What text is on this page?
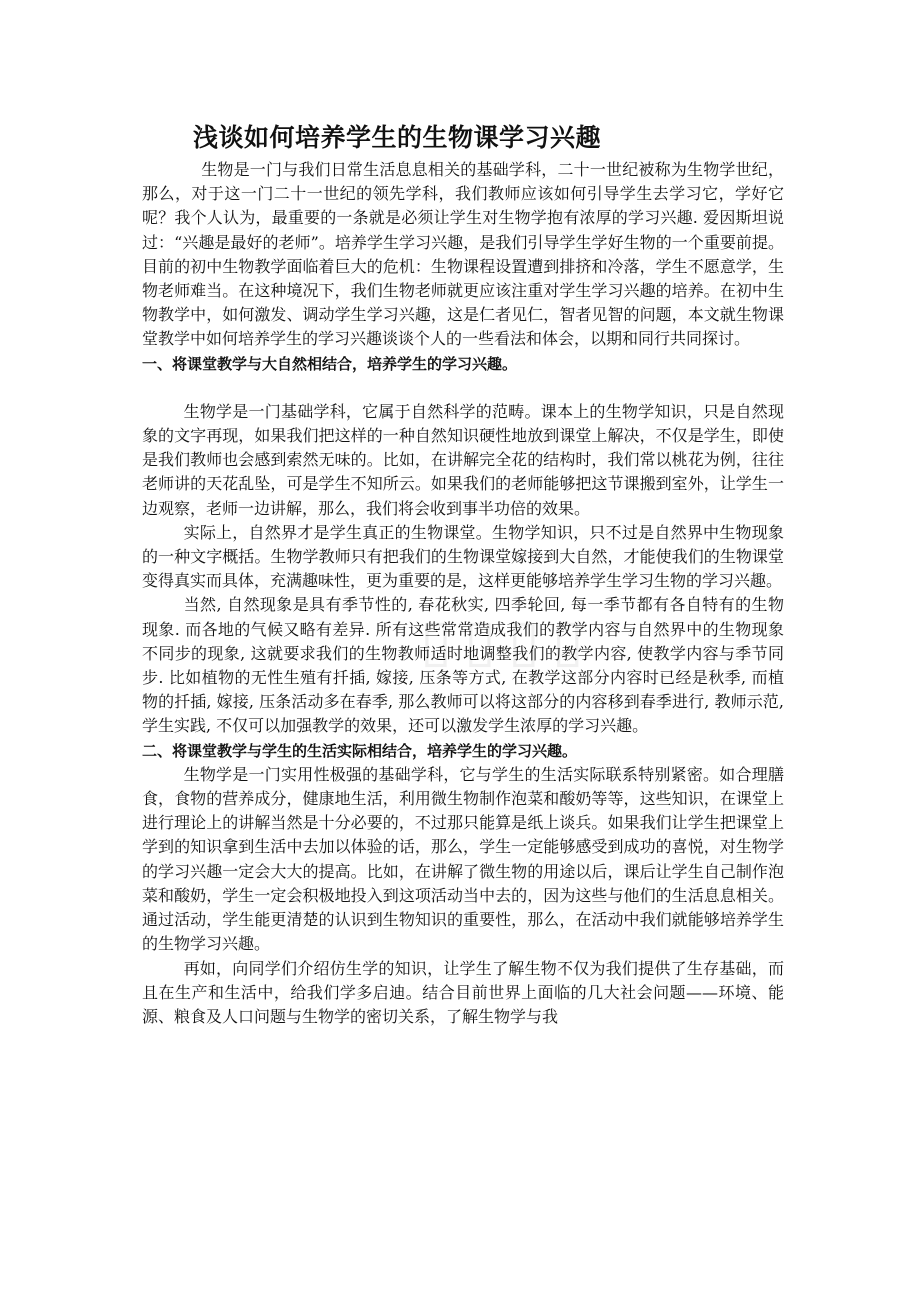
▯▯▯▯
浅谈如何培养学生的生物课学习兴趣

生物是一门与我们日常生活息息相关的基础学科，二十一世纪被称为生物学世纪，那么，对于这一门二十一世纪的领先学科，我们教师应该如何引导学生去学习它，学好它呢？我个人认为，最重要的一条就是必须让学生对生物学抱有浓厚的学习兴趣. 爱因斯坦说过：“兴趣是最好的老师”。培养学生学习兴趣，是我们引导学生学好生物的一个重要前提。目前的初中生物教学面临着巨大的危机：生物课程设置遭到排挤和冷落，学生不愿意学，生物老师难当。在这种境况下，我们生物老师就更应该注重对学生学习兴趣的培养。在初中生物教学中，如何激发、调动学生学习兴趣，这是仁者见仁，智者见智的问题，本文就生物课堂教学中如何培养学生的学习兴趣谈谈个人的一些看法和体会，以期和同行共同探讨。

一、将课堂教学与大自然相结合，培养学生的学习兴趣。

生物学是一门基础学科，它属于自然科学的范畴。课本上的生物学知识，只是自然现象的文字再现，如果我们把这样的一种自然知识硬性地放到课堂上解决，不仅是学生，即使是我们教师也会感到索然无味的。比如，在讲解完全花的结构时，我们常以桃花为例，往往老师讲的天花乱坠，可是学生不知所云。如果我们的老师能够把这节课搬到室外，让学生一边观察，老师一边讲解，那么，我们将会收到事半功倍的效果。

实际上，自然界才是学生真正的生物课堂。生物学知识，只不过是自然界中生物现象的一种文字概括。生物学教师只有把我们的生物课堂嫁接到大自然，才能使我们的生物课堂变得真实而具体，充满趣味性，更为重要的是，这样更能够培养学生学习生物的学习兴趣。

当然, 自然现象是具有季节性的, 春花秋实, 四季轮回, 每一季节都有各自特有的生物现象. 而各地的气候又略有差异. 所有这些常常造成我们的教学内容与自然界中的生物现象不同步的现象, 这就要求我们的生物教师适时地调整我们的教学内容, 使教学内容与季节同步. 比如植物的无性生殖有扦插, 嫁接, 压条等方式, 在教学这部分内容时已经是秋季, 而植物的扦插, 嫁接, 压条活动多在春季, 那么教师可以将这部分的内容移到春季进行, 教师示范, 学生实践, 不仅可以加强教学的效果，还可以激发学生浓厚的学习兴趣。

二、将课堂教学与学生的生活实际相结合，培养学生的学习兴趣。

生物学是一门实用性极强的基础学科，它与学生的生活实际联系特别紧密。如合理膳食，食物的营养成分，健康地生活，利用微生物制作泡菜和酸奶等等，这些知识，在课堂上进行理论上的讲解当然是十分必要的，不过那只能算是纸上谈兵。如果我们让学生把课堂上学到的知识拿到生活中去加以体验的话，那么，学生一定能够感受到成功的喜悦，对生物学的学习兴趣一定会大大的提高。比如，在讲解了微生物的用途以后，课后让学生自己制作泡菜和酸奶，学生一定会积极地投入到这项活动当中去的，因为这些与他们的生活息息相关。通过活动，学生能更清楚的认识到生物知识的重要性，那么，在活动中我们就能够培养学生的生物学习兴趣。

再如，向同学们介绍仿生学的知识，让学生了解生物不仅为我们提供了生存基础，而且在生产和生活中，给我们学多启迪。结合目前世界上面临的几大社会问题——环境、能源、粮食及人口问题与生物学的密切关系，了解生物学与我
